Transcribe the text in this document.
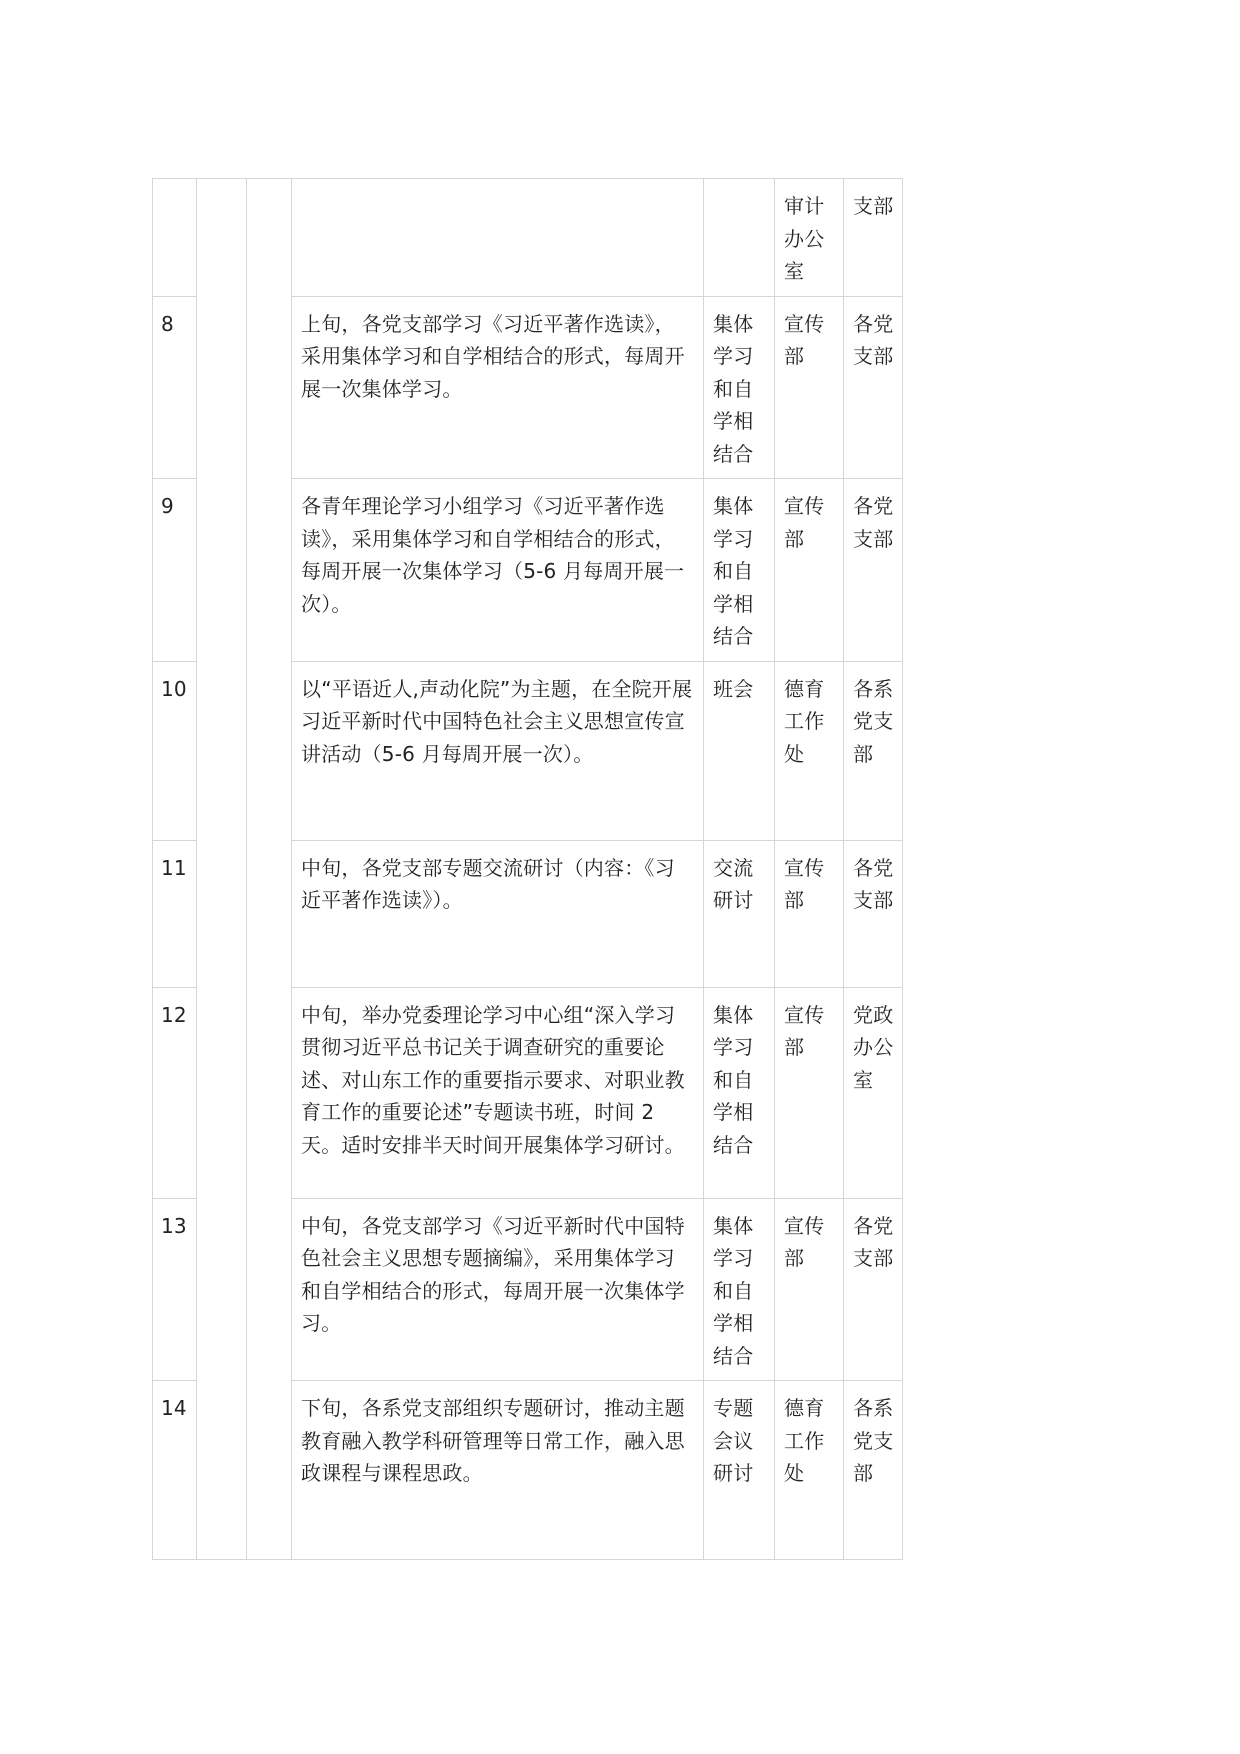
					审计办公室	支部
8			上旬，各党支部学习《习近平著作选读》，采用集体学习和自学相结合的形式，每周开展一次集体学习。	集体学习和自学相结合	宣传部	各党支部
9			各青年理论学习小组学习《习近平著作选读》，采用集体学习和自学相结合的形式，每周开展一次集体学习（5-6 月每周开展一次）。	集体学习和自学相结合	宣传部	各党支部
10			以“平语近人,声动化院”为主题，在全院开展习近平新时代中国特色社会主义思想宣传宣讲活动（5-6 月每周开展一次）。	班会	德育工作处	各系党支部
11			中旬，各党支部专题交流研讨（内容：《习近平著作选读》）。	交流研讨	宣传部	各党支部
12			中旬，举办党委理论学习中心组“深入学习贯彻习近平总书记关于调查研究的重要论述、对山东工作的重要指示要求、对职业教育工作的重要论述”专题读书班，时间 2 天。适时安排半天时间开展集体学习研讨。	集体学习和自学相结合	宣传部	党政办公室
13			中旬，各党支部学习《习近平新时代中国特色社会主义思想专题摘编》，采用集体学习和自学相结合的形式，每周开展一次集体学习。	集体学习和自学相结合	宣传部	各党支部
14			下旬，各系党支部组织专题研讨，推动主题教育融入教学科研管理等日常工作，融入思政课程与课程思政。	专题会议研讨	德育工作处	各系党支部
